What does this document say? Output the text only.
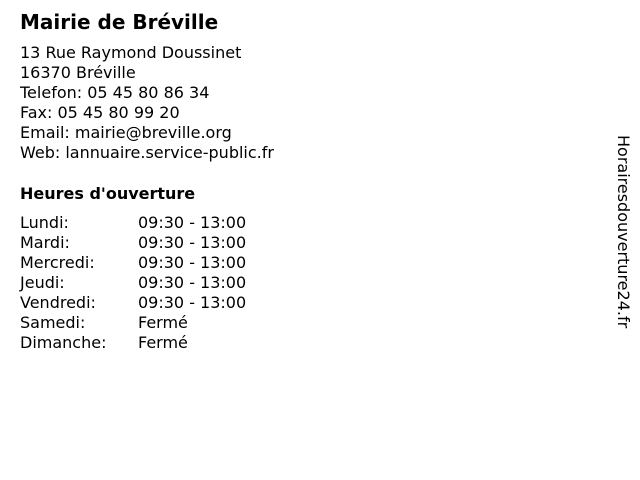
Mairie de Bréville
13 Rue Raymond Doussinet
16370 Bréville
Telefon: 05 45 80 86 34
Fax: 05 45 80 99 20
Email: mairie@breville.org
Web: lannuaire.service-public.fr
Heures d'ouverture
Lundi:	09:30 - 13:00
Mardi:	09:30 - 13:00
Mercredi:	09:30 - 13:00
Jeudi:	09:30 - 13:00
Vendredi:	09:30 - 13:00
Samedi:	Fermé
Dimanche: Fermé
Horairesdouverture24.fr
